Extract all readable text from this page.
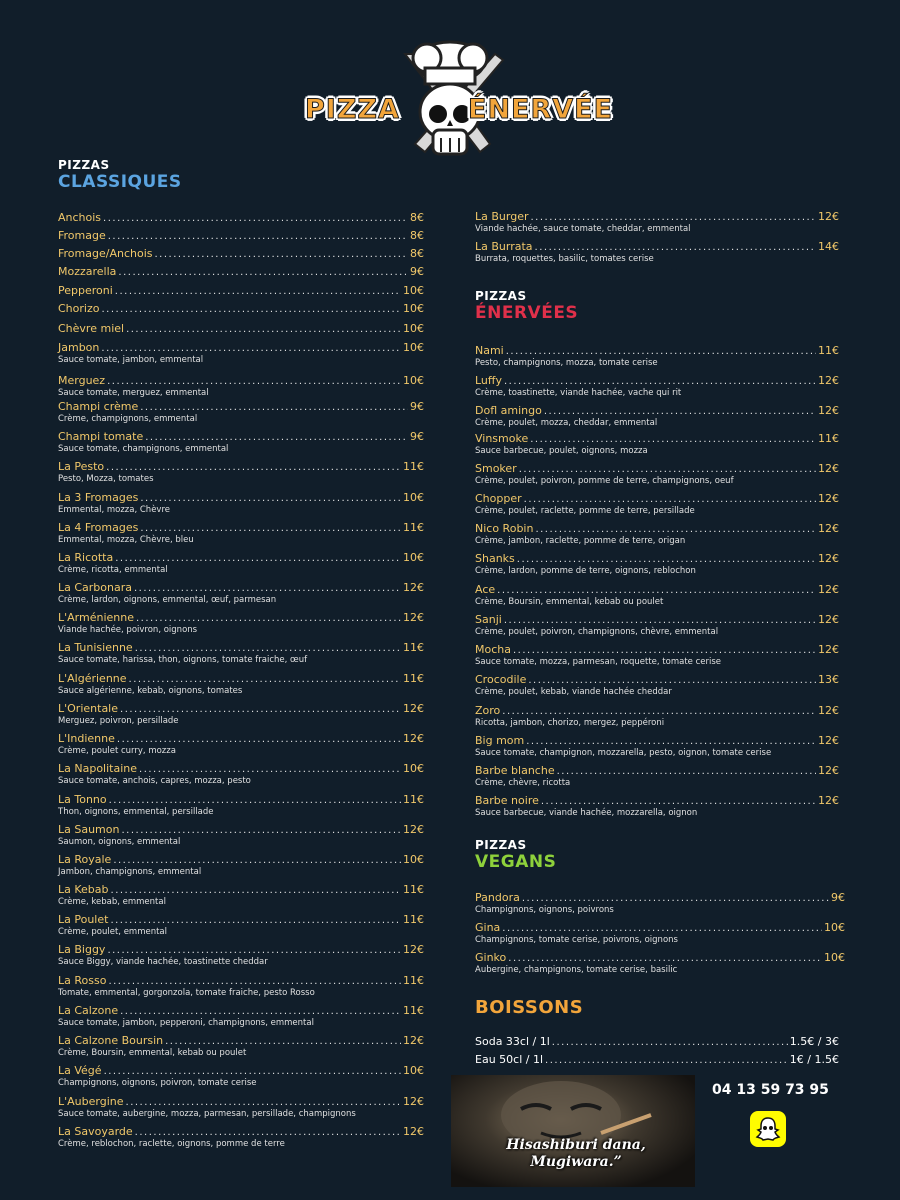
PIZZA	ÉNERVÉE
PIZZAS
CLASSIQUES
PIZZAS
ÉNERVÉES
PIZZAS
VEGANS
BOISSONS
Anchois .....	8€
Fromage .....	8€
Fromage/Anchois .....	8€
Mozzarella .....	9€
Pepperoni .....	10€
Chorizo .....	10€
Chèvre miel .....	10€
Jambon .....	10€
Sauce tomate, jambon, emmental
Merguez .....	10€
Sauce tomate, merguez, emmental
Champi crème .....	9€
Crème, champignons, emmental
Champi tomate .....	9€
Sauce tomate, champignons, emmental
La Pesto .....	11€
Pesto, Mozza, tomates
La 3 Fromages .....	10€
Emmental, mozza, Chèvre
La 4 Fromages .....	11€
Emmental, mozza, Chèvre, bleu
La Ricotta .....	10€
Crème, ricotta, emmental
La Carbonara .....	12€
Crème, lardon, oignons, emmental, œuf, parmesan
L'Arménienne .....	12€
Viande hachée, poivron, oignons
La Tunisienne .....	11€
Sauce tomate, harissa, thon, oignons, tomate fraiche, œuf
L'Algérienne .....	11€
Sauce algérienne, kebab, oignons, tomates
L'Orientale .....	12€
Merguez, poivron, persillade
L'Indienne .....	12€
Crème, poulet curry, mozza
La Napolitaine .....	10€
Sauce tomate, anchois, capres, mozza, pesto
La Tonno .....	11€
Thon, oignons, emmental, persillade
La Saumon .....	12€
Saumon, oignons, emmental
La Royale .....	10€
Jambon, champignons, emmental
La Kebab .....	11€
Crème, kebab, emmental
La Poulet .....	11€
Crème, poulet, emmental
La Biggy .....	12€
Sauce Biggy, viande hachée, toastinette cheddar
La Rosso .....	11€
Tomate, emmental, gorgonzola, tomate fraiche, pesto Rosso
La Calzone .....	11€
Sauce tomate, jambon, pepperoni, champignons, emmental
La Calzone Boursin .....	12€
Crème, Boursin, emmental, kebab ou poulet
La Végé .....	10€
Champignons, oignons, poivron, tomate cerise
L'Aubergine .....	12€
Sauce tomate, aubergine, mozza, parmesan, persillade, champignons
La Savoyarde .....	12€
Crème, reblochon, raclette, oignons, pomme de terre
La Burger .....	12€
Viande hachée, sauce tomate, cheddar, emmental
La Burrata .....	14€
Burrata, roquettes, basilic, tomates cerise
Nami .....	11€
Pesto, champignons, mozza, tomate cerise
Luffy .....	12€
Crème, toastinette, viande hachée, vache qui rit
Dofl amingo .....	12€
Crème, poulet, mozza, cheddar, emmental
Vinsmoke .....	11€
Sauce barbecue, poulet, oignons, mozza
Smoker .....	12€
Crème, poulet, poivron, pomme de terre, champignons, oeuf
Chopper .....	12€
Crème, poulet, raclette, pomme de terre, persillade
Nico Robin .....	12€
Crème, jambon, raclette, pomme de terre, origan
Shanks .....	12€
Crème, lardon, pomme de terre, oignons, reblochon
Ace .....	12€
Crème, Boursin, emmental, kebab ou poulet
Sanji .....	12€
Crème, poulet, poivron, champignons, chèvre, emmental
Mocha .....	12€
Sauce tomate, mozza, parmesan, roquette, tomate cerise
Crocodile .....	13€
Crème, poulet, kebab, viande hachée cheddar
Zoro .....	12€
Ricotta, jambon, chorizo, mergez, peppéroni
Big mom .....	12€
Sauce tomate, champignon, mozzarella, pesto, oignon, tomate cerise
Barbe blanche .....	12€
Crème, chèvre, ricotta
Barbe noire .....	12€
Sauce barbecue, viande hachée, mozzarella, oignon
Pandora .....	9€
Champignons, oignons, poivrons
Gina .....	10€
Champignons, tomate cerise, poivrons, oignons
Ginko .....	10€
Aubergine, champignons, tomate cerise, basilic
Soda 33cl / 1l .....	1.5€ / 3€
Eau 50cl / 1l .....	1€ / 1.5€
Hisashiburi dana, Mugiwara.”
04 13 59 73 95
